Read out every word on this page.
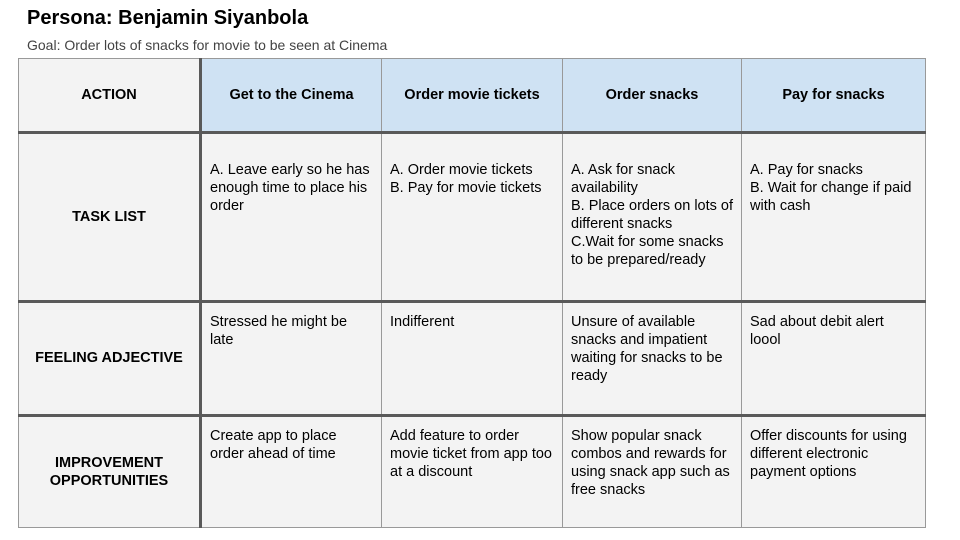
Persona: Benjamin Siyanbola
Goal: Order lots of snacks for movie to be seen at Cinema
ACTION	Get to the Cinema	Order movie tickets	Order snacks	Pay for snacks
TASK LIST	A. Leave early so he has enough time to place his order	A. Order movie tickets
B. Pay for movie tickets	A. Ask for snack availability
B. Place orders on lots of different snacks
C.Wait for some snacks to be prepared/ready	A. Pay for snacks
B. Wait for change if paid with cash

FEELING ADJECTIVE	Stressed he might be late	Indifferent	Unsure of available snacks and impatient waiting for snacks to be ready	Sad about debit alert loool

IMPROVEMENT
OPPORTUNITIES	Create app to place order ahead of time	Add feature to order movie ticket from app too at a discount	Show popular snack combos and rewards for using snack app such as free snacks	Offer discounts for using different electronic payment options
